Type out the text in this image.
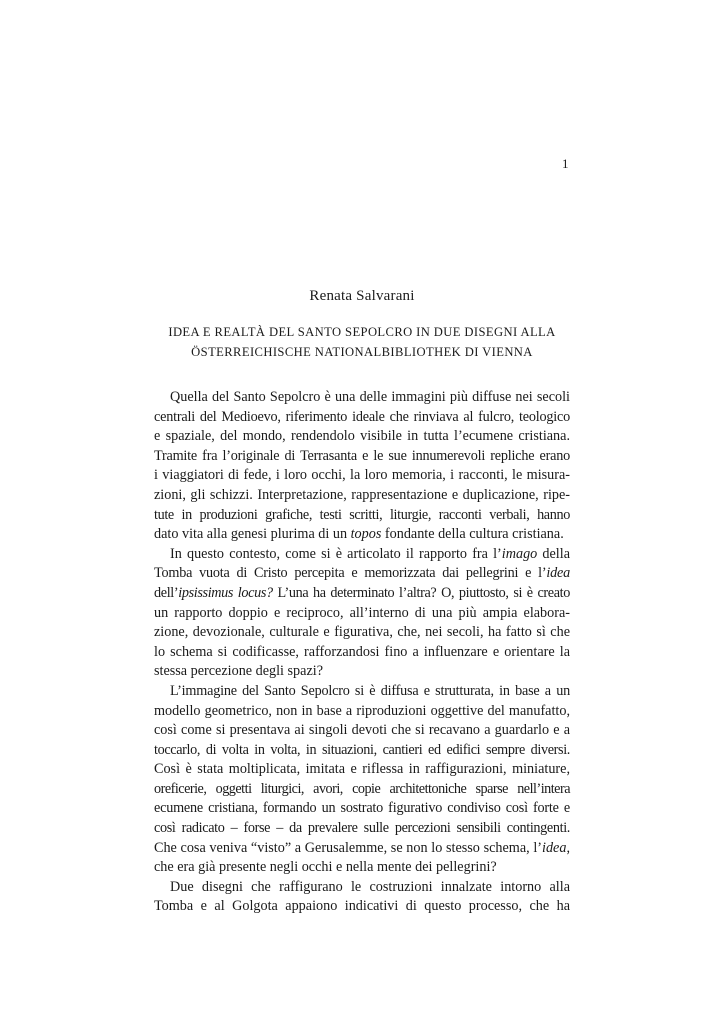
1
Renata Salvarani
IDEA E REALTÀ DEL SANTO SEPOLCRO IN DUE DISEGNI ALLA
ÖSTERREICHISCHE NATIONALBIBLIOTHEK DI VIENNA

Quella del Santo Sepolcro è una delle immagini più diffuse nei secoli
centrali del Medioevo, riferimento ideale che rinviava al fulcro, teologico
e spaziale, del mondo, rendendolo visibile in tutta l’ecumene cristiana.
Tramite fra l’originale di Terrasanta e le sue innumerevoli repliche erano
i viaggiatori di fede, i loro occhi, la loro memoria, i racconti, le misura-
zioni, gli schizzi. Interpretazione, rappresentazione e duplicazione, ripe-
tute in produzioni grafiche, testi scritti, liturgie, racconti verbali, hanno
dato vita alla genesi plurima di un topos fondante della cultura cristiana.

In questo contesto, come si è articolato il rapporto fra l’imago della
Tomba vuota di Cristo percepita e memorizzata dai pellegrini e l’idea
dell’ipsissimus locus? L’una ha determinato l’altra? O, piuttosto, si è creato
un rapporto doppio e reciproco, all’interno di una più ampia elabora-
zione, devozionale, culturale e figurativa, che, nei secoli, ha fatto sì che
lo schema si codificasse, rafforzandosi fino a influenzare e orientare la
stessa percezione degli spazi?

L’immagine del Santo Sepolcro si è diffusa e strutturata, in base a un
modello geometrico, non in base a riproduzioni oggettive del manufatto,
così come si presentava ai singoli devoti che si recavano a guardarlo e a
toccarlo, di volta in volta, in situazioni, cantieri ed edifici sempre diversi.
Così è stata moltiplicata, imitata e riflessa in raffigurazioni, miniature,
oreficerie, oggetti liturgici, avori, copie architettoniche sparse nell’intera
ecumene cristiana, formando un sostrato figurativo condiviso così forte e
così radicato – forse – da prevalere sulle percezioni sensibili contingenti.
Che cosa veniva “visto” a Gerusalemme, se non lo stesso schema, l’idea,
che era già presente negli occhi e nella mente dei pellegrini?

Due disegni che raffigurano le costruzioni innalzate intorno alla
Tomba e al Golgota appaiono indicativi di questo processo, che ha
